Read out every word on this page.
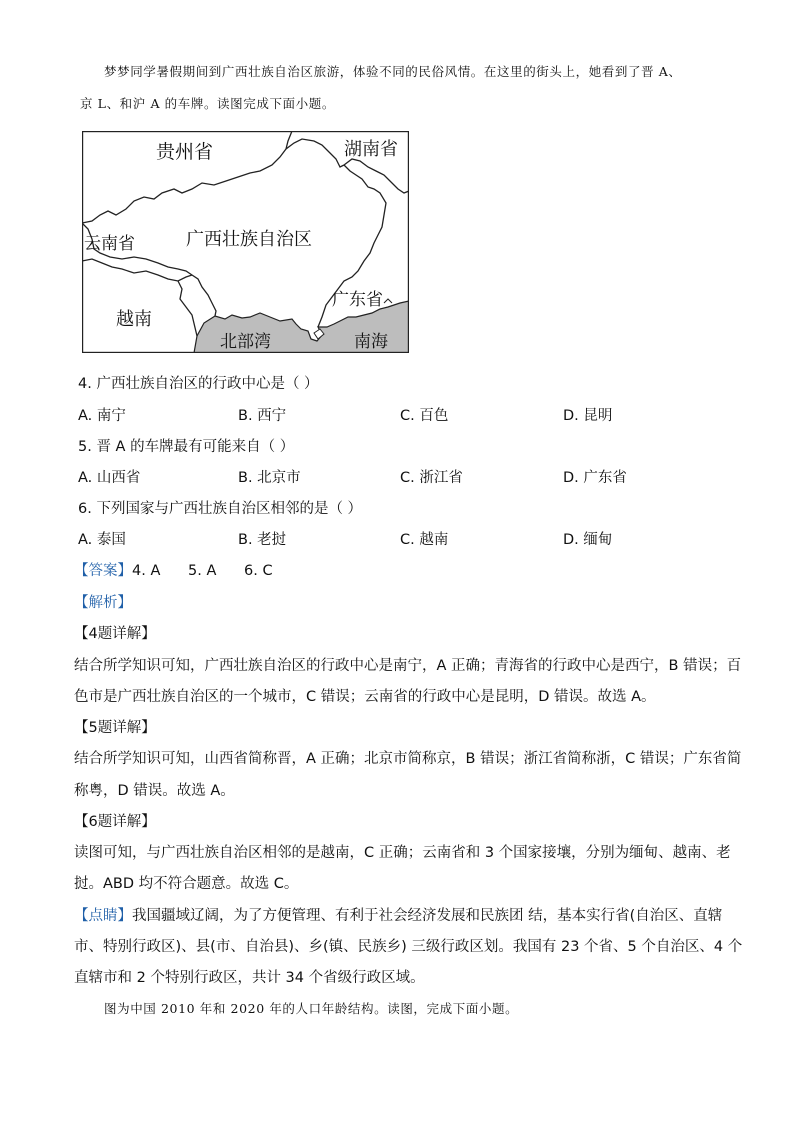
梦梦同学暑假期间到广西壮族自治区旅游，体验不同的民俗风情。在这里的街头上，她看到了晋 A、
京 L、和沪 A 的车牌。读图完成下面小题。
贵州省	湖南省
云南省	广西壮族自治区
广东省
越南
北部湾	南海
4. 广西壮族自治区的行政中心是（ ）
A. 南宁	B. 西宁	C. 百色	D. 昆明
5. 晋 A 的车牌最有可能来自（ ）
A. 山西省	B. 北京市	C. 浙江省	D. 广东省
6. 下列国家与广西壮族自治区相邻的是（ ）
A. 泰国	B. 老挝	C. 越南	D. 缅甸
【答案】4. A      5. A      6. C
【解析】
【4题详解】
结合所学知识可知，广西壮族自治区的行政中心是南宁，A 正确；青海省的行政中心是西宁，B 错误；百
色市是广西壮族自治区的一个城市，C 错误；云南省的行政中心是昆明，D 错误。故选 A。
【5题详解】
结合所学知识可知，山西省简称晋，A 正确；北京市简称京，B 错误；浙江省简称浙，C 错误；广东省简
称粤，D 错误。故选 A。
【6题详解】
读图可知，与广西壮族自治区相邻的是越南，C 正确；云南省和 3 个国家接壤，分别为缅甸、越南、老
挝。ABD 均不符合题意。故选 C。
【点睛】我国疆域辽阔，为了方便管理、有利于社会经济发展和民族团 结，基本实行省(自治区、直辖
市、特别行政区)、县(市、自治县)、乡(镇、民族乡) 三级行政区划。我国有 23 个省、5 个自治区、4 个
直辖市和 2 个特别行政区，共计 34 个省级行政区域。
图为中国 2010 年和 2020 年的人口年龄结构。读图，完成下面小题。
